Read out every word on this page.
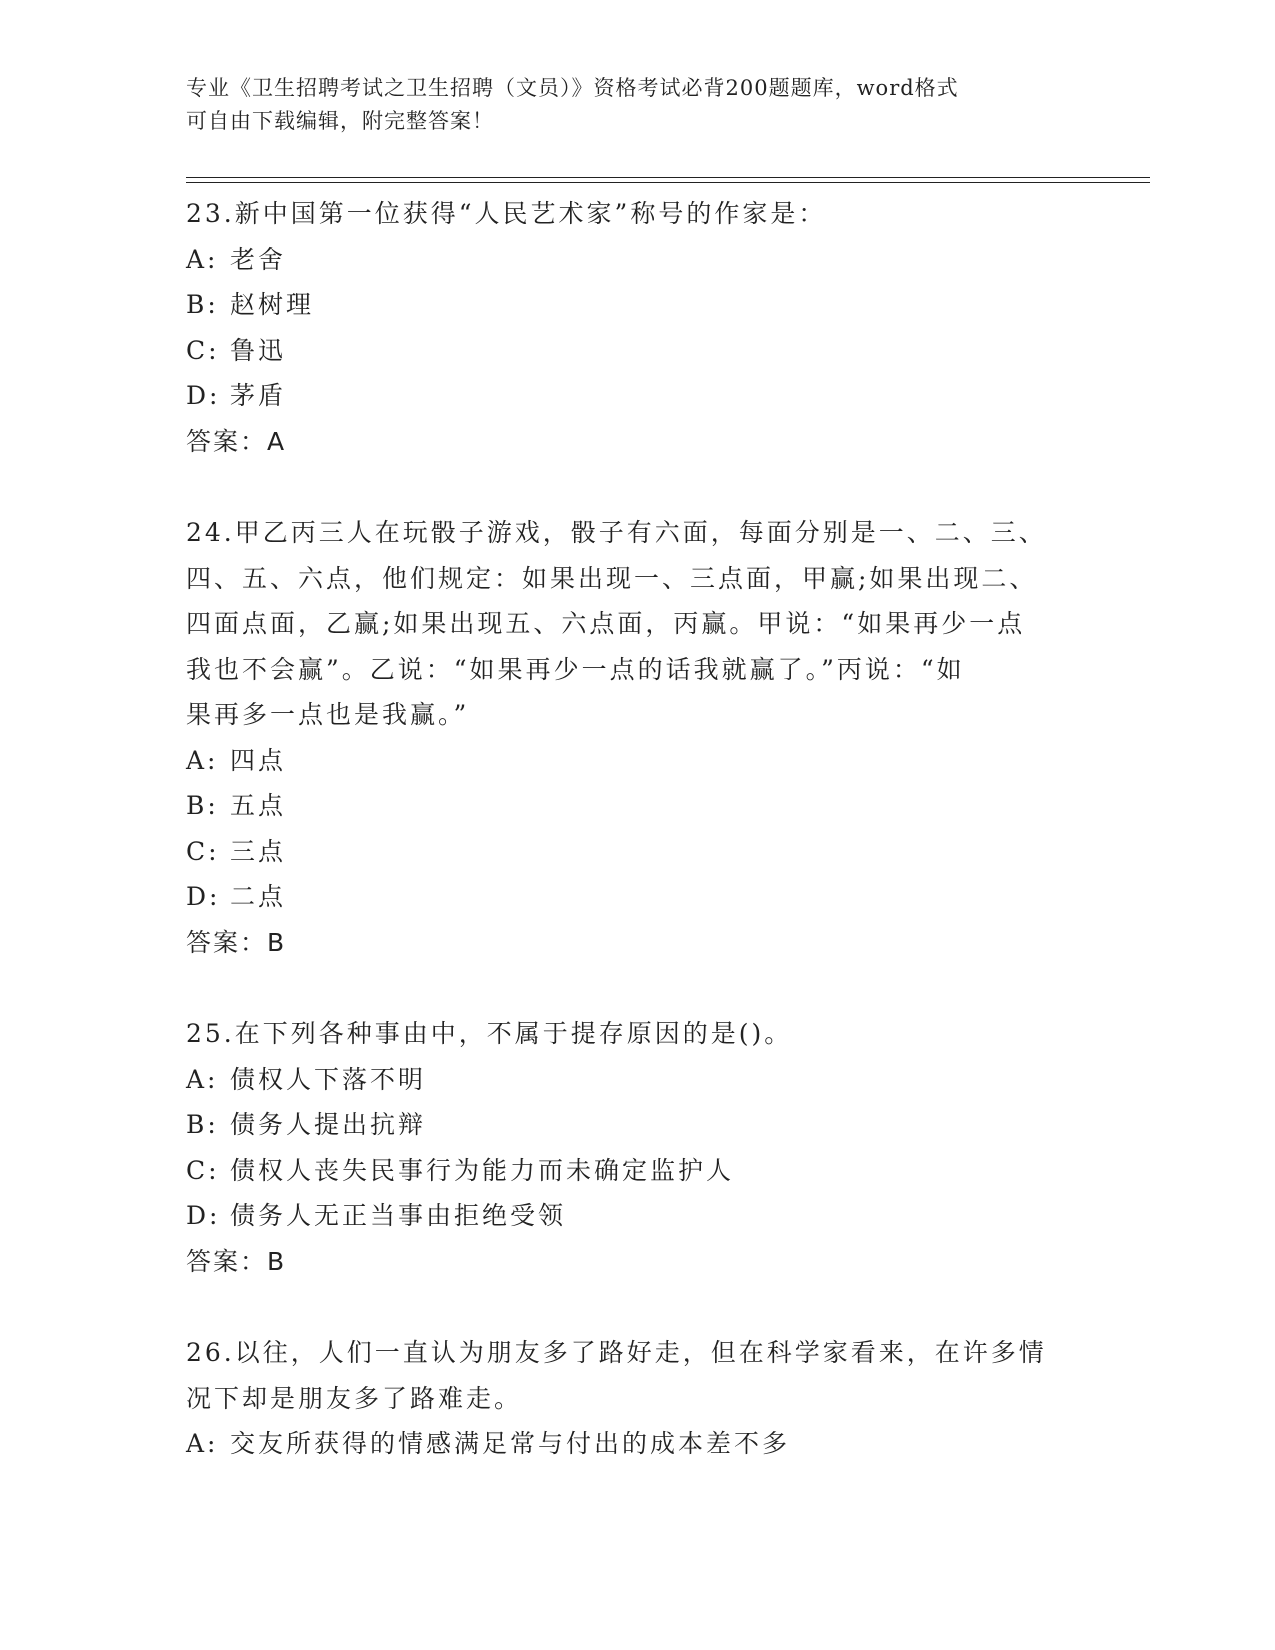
专业《卫生招聘考试之卫生招聘（文员）》资格考试必背200题题库，word格式
可自由下载编辑，附完整答案！

23.新中国第一位获得“人民艺术家”称号的作家是：

A: 老舍

B: 赵树理

C: 鲁迅

D: 茅盾

答案：A

24.甲乙丙三人在玩骰子游戏，骰子有六面，每面分别是一、二、三、

四、五、六点，他们规定：如果出现一、三点面，甲赢;如果出现二、

四面点面，乙赢;如果出现五、六点面，丙赢。甲说：“如果再少一点

我也不会赢”。乙说：“如果再少一点的话我就赢了。”丙说：“如

果再多一点也是我赢。”

A: 四点

B: 五点

C: 三点

D: 二点

答案：B

25.在下列各种事由中，不属于提存原因的是()。

A: 债权人下落不明

B: 债务人提出抗辩

C: 债权人丧失民事行为能力而未确定监护人

D: 债务人无正当事由拒绝受领

答案：B

26.以往，人们一直认为朋友多了路好走，但在科学家看来，在许多情

况下却是朋友多了路难走。

A: 交友所获得的情感满足常与付出的成本差不多
